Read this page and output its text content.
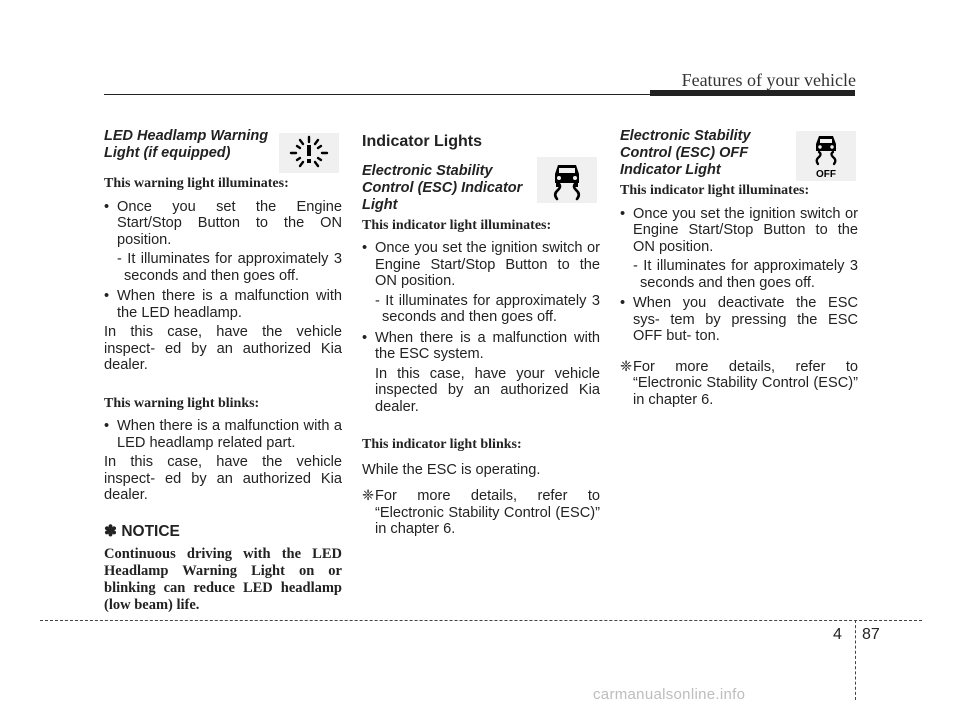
Features of your vehicle
LED Headlamp Warning Light (if equipped)
This warning light illuminates:
• Once you set the Engine Start/Stop Button to the ON position.
- It illuminates for approximately 3 seconds and then goes off.
• When there is a malfunction with the LED headlamp.
In this case, have the vehicle inspect- ed by an authorized Kia dealer.
This warning light blinks:
• When there is a malfunction with a LED headlamp related part.
In this case, have the vehicle inspect- ed by an authorized Kia dealer.
✽ NOTICE
Continuous driving with the LED Headlamp Warning Light on or blinking can reduce LED headlamp (low beam) life.
Indicator Lights
Electronic Stability Control (ESC) Indicator Light
This indicator light illuminates:
• Once you set the ignition switch or Engine Start/Stop Button to the ON position.
- It illuminates for approximately 3 seconds and then goes off.
• When there is a malfunction with the ESC system.
In this case, have your vehicle inspected by an authorized Kia dealer.
This indicator light blinks:
While the ESC is operating.
❈ For more details, refer to “Electronic Stability Control (ESC)” in chapter 6.
Electronic Stability Control (ESC) OFF Indicator Light
This indicator light illuminates:
• Once you set the ignition switch or Engine Start/Stop Button to the ON position.
- It illuminates for approximately 3 seconds and then goes off.
• When you deactivate the ESC sys- tem by pressing the ESC OFF but- ton.
❈ For more details, refer to “Electronic Stability Control (ESC)” in chapter 6.
OFF
4 87
carmanualsonline.info
